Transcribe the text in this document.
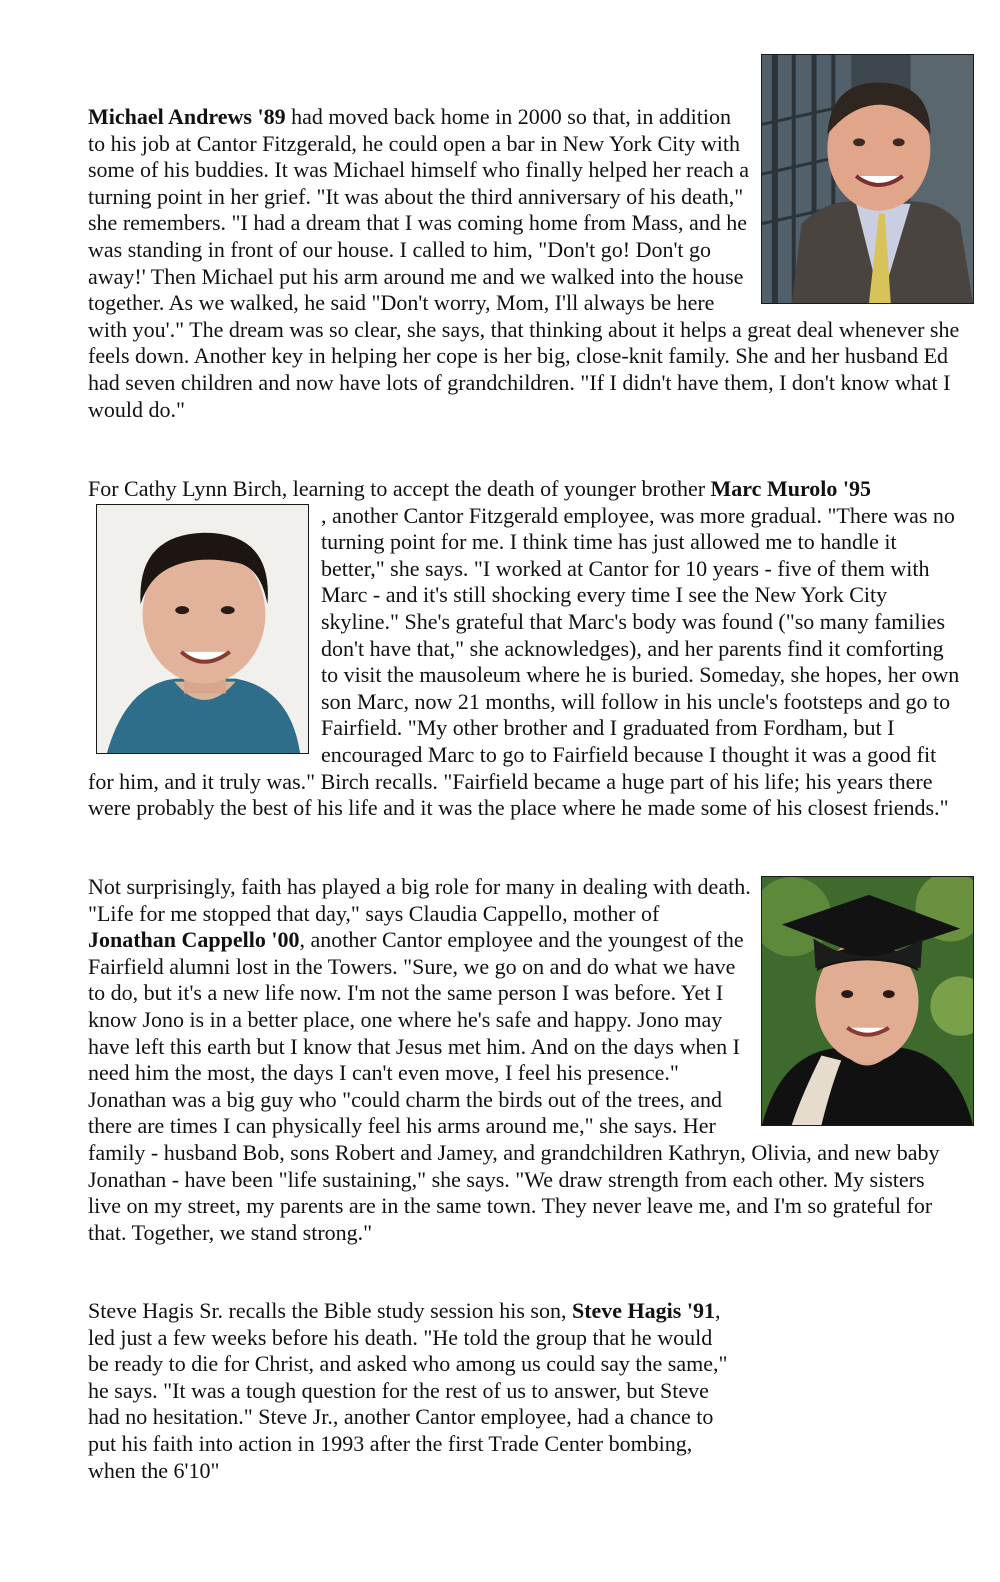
Michael Andrews '89 had moved back home in 2000 so that, in addition to his job at Cantor Fitzgerald, he could open a bar in New York City with some of his buddies. It was Michael himself who finally helped her reach a turning point in her grief. "It was about the third anniversary of his death," she remembers. "I had a dream that I was coming home from Mass, and he was standing in front of our house. I called to him, "Don't go! Don't go away!' Then Michael put his arm around me and we walked into the house together. As we walked, he said "Don't worry, Mom, I'll always be here with you'." The dream was so clear, she says, that thinking about it helps a great deal whenever she feels down. Another key in helping her cope is her big, close-knit family. She and her husband Ed had seven children and now have lots of grandchildren. "If I didn't have them, I don't know what I would do."

For Cathy Lynn Birch, learning to accept the death of younger brother Marc Murolo '95

, another Cantor Fitzgerald employee, was more gradual. "There was no turning point for me. I think time has just allowed me to handle it better," she says. "I worked at Cantor for 10 years - five of them with Marc - and it's still shocking every time I see the New York City skyline." She's grateful that Marc's body was found ("so many families don't have that," she acknowledges), and her parents find it comforting to visit the mausoleum where he is buried. Someday, she hopes, her own son Marc, now 21 months, will follow in his uncle's footsteps and go to Fairfield. "My other brother and I graduated from Fordham, but I encouraged Marc to go to Fairfield because I thought it was a good fit for him, and it truly was." Birch recalls. "Fairfield became a huge part of his life; his years there were probably the best of his life and it was the place where he made some of his closest friends."

Not surprisingly, faith has played a big role for many in dealing with death. "Life for me stopped that day," says Claudia Cappello, mother of Jonathan Cappello '00, another Cantor employee and the youngest of the Fairfield alumni lost in the Towers. "Sure, we go on and do what we have to do, but it's a new life now. I'm not the same person I was before. Yet I know Jono is in a better place, one where he's safe and happy. Jono may have left this earth but I know that Jesus met him. And on the days when I need him the most, the days I can't even move, I feel his presence." Jonathan was a big guy who "could charm the birds out of the trees, and there are times I can physically feel his arms around me," she says. Her family - husband Bob, sons Robert and Jamey, and grandchildren Kathryn, Olivia, and new baby Jonathan - have been "life sustaining," she says. "We draw strength from each other. My sisters live on my street, my parents are in the same town. They never leave me, and I'm so grateful for that. Together, we stand strong."

Steve Hagis Sr. recalls the Bible study session his son, Steve Hagis '91, led just a few weeks before his death. "He told the group that he would be ready to die for Christ, and asked who among us could say the same," he says. "It was a tough question for the rest of us to answer, but Steve had no hesitation." Steve Jr., another Cantor employee, had a chance to put his faith into action in 1993 after the first Trade Center bombing, when the 6'10"
